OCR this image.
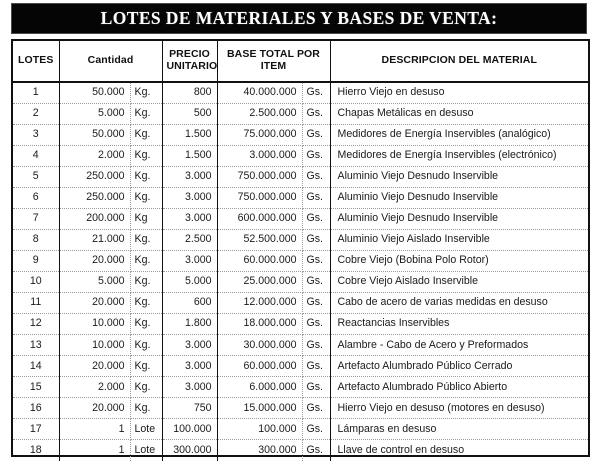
LOTES DE MATERIALES Y BASES DE VENTA:
LOTES	Cantidad		PRECIO UNITARIO	BASE TOTAL POR ITEM		DESCRIPCION DEL MATERIAL
1	50.000	Kg.	800	40.000.000	Gs.	Hierro Viejo en desuso
2	5.000	Kg.	500	2.500.000	Gs.	Chapas Metálicas en desuso
3	50.000	Kg.	1.500	75.000.000	Gs.	Medidores de Energía Inservibles (analógico)
4	2.000	Kg.	1.500	3.000.000	Gs.	Medidores de Energía Inservibles (electrónico)
5	250.000	Kg.	3.000	750.000.000	Gs.	Aluminio Viejo Desnudo Inservible
6	250.000	Kg.	3.000	750.000.000	Gs.	Aluminio Viejo Desnudo Inservible
7	200.000	Kg	3.000	600.000.000	Gs.	Aluminio Viejo Desnudo Inservible
8	21.000	Kg.	2.500	52.500.000	Gs.	Aluminio Viejo Aislado Inservible
9	20.000	Kg.	3.000	60.000.000	Gs.	Cobre Viejo (Bobina Polo Rotor)
10	5.000	Kg.	5.000	25.000.000	Gs.	Cobre Viejo Aislado Inservible
11	20.000	Kg.	600	12.000.000	Gs.	Cabo de acero de varias medidas en desuso
12	10.000	Kg.	1.800	18.000.000	Gs.	Reactancias Inservibles
13	10.000	Kg.	3.000	30.000.000	Gs.	Alambre - Cabo de Acero y Preformados
14	20.000	Kg.	3.000	60.000.000	Gs.	Artefacto Alumbrado Público Cerrado
15	2.000	Kg.	3.000	6.000.000	Gs.	Artefacto Alumbrado Público Abierto
16	20.000	Kg.	750	15.000.000	Gs.	Hierro Viejo en desuso (motores en desuso)
17	1	Lote	100.000	100.000	Gs.	Lámparas en desuso
18	1	Lote	300.000	300.000	Gs.	Llave de control en desuso
